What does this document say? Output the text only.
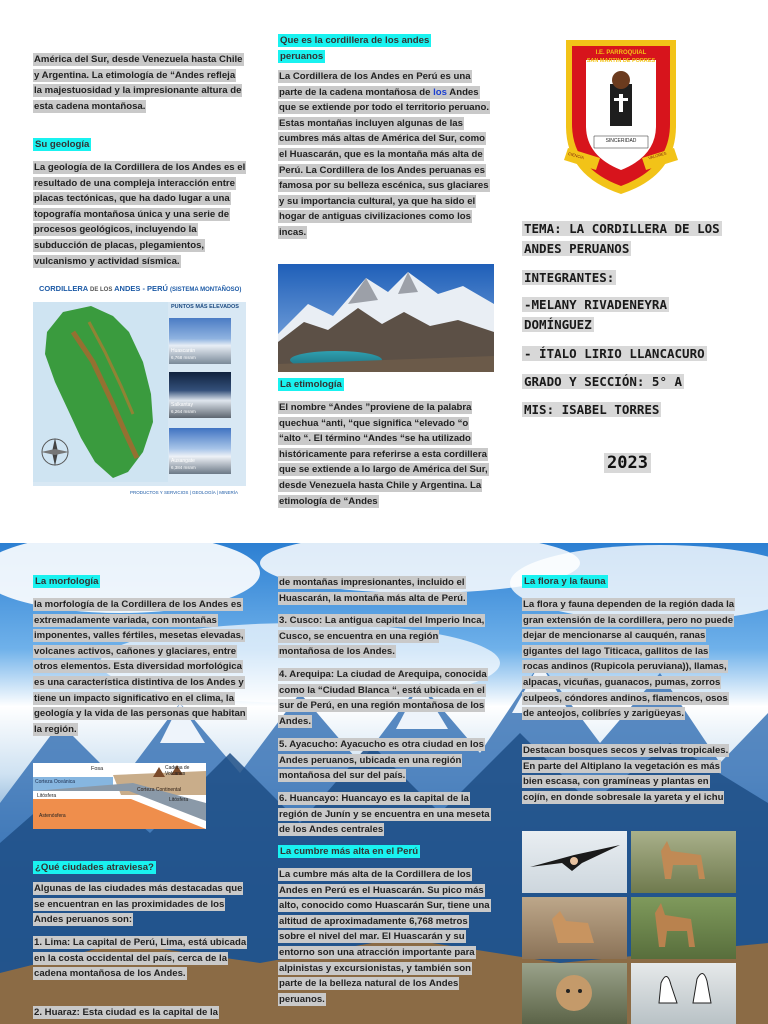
América del Sur, desde Venezuela hasta Chile y Argentina. La etimología de “Andes refleja la majestuosidad y la impresionante altura de esta cadena montañosa.
Su geología
La geología de la Cordillera de los Andes es el resultado de una compleja interacción entre placas tectónicas, que ha dado lugar a una topografía montañosa única y una serie de procesos geológicos, incluyendo la subducción de placas, plegamientos, vulcanismo y actividad sísmica.
CORDILLERA DE LOS ANDES - PERÚ (SISTEMA MONTAÑOSO)
PUNTOS MÁS ELEVADOS
Huascarán
6,768 msnm
Salkantay
6,264 msnm
Ausangate
6,384 msnm
PRODUCTOS Y SERVICIOS | GEOLOGÍA | MINERÍA
Que es la cordillera de los andes peruanos
La Cordillera de los Andes en Perú es una parte de la cadena montañosa de los Andes que se extiende por todo el territorio peruano. Estas montañas incluyen algunas de las cumbres más altas de América del Sur, como el Huascarán, que es la montaña más alta de Perú. La Cordillera de los Andes peruanas es famosa por su belleza escénica, sus glaciares y su importancia cultural, ya que ha sido el hogar de antiguas civilizaciones como los incas.
La etimología
El nombre “Andes ”proviene de la palabra quechua “anti, “que significa “elevado “o “alto “. El término “Andes “se ha utilizado históricamente para referirse a esta cordillera que se extiende a lo largo de América del Sur, desde Venezuela hasta Chile y Argentina. La etimología de “Andes
I.E. PARROQUIAL
SAN MARTIN DE PORRES
SINCERIDAD
BARRANCA
CIENCIA	VALORES
TEMA: LA CORDILLERA DE LOS
ANDES PERUANOS
INTEGRANTES:
-MELANY RIVADENEYRA
DOMÍNGUEZ
- ÍTALO LIRIO LLANCACURO
GRADO Y SECCIÓN: 5° A
MIS: ISABEL TORRES
2023
La morfología
la morfología de la Cordillera de los Andes es extremadamente variada, con montañas imponentes, valles fértiles, mesetas elevadas, volcanes activos, cañones y glaciares, entre otros elementos. Esta diversidad morfológica es una característica distintiva de los Andes y tiene un impacto significativo en el clima, la geología y la vida de las personas que habitan la región.
Fosa	Cadena de Volcanes
Corteza Oceánica
Corteza Continental
Litósfera
Litósfera
Astenósfera
¿Qué ciudades atraviesa?
Algunas de las ciudades más destacadas que se encuentran en las proximidades de los Andes peruanos son:
1. Lima: La capital de Perú, Lima, está ubicada en la costa occidental del país, cerca de la cadena montañosa de los Andes.
2. Huaraz: Esta ciudad es la capital de la
de montañas impresionantes, incluido el Huascarán, la montaña más alta de Perú.
3. Cusco: La antigua capital del Imperio Inca, Cusco, se encuentra en una región montañosa de los Andes.
4. Arequipa: La ciudad de Arequipa, conocida como la “Ciudad Blanca “, está ubicada en el sur de Perú, en una región montañosa de los Andes.
5. Ayacucho: Ayacucho es otra ciudad en los Andes peruanos, ubicada en una región montañosa del sur del país.
6. Huancayo: Huancayo es la capital de la región de Junín y se encuentra en una meseta de los Andes centrales
La cumbre más alta en el Perú
La cumbre más alta de la Cordillera de los Andes en Perú es el Huascarán. Su pico más alto, conocido como Huascarán Sur, tiene una altitud de aproximadamente 6,768 metros sobre el nivel del mar. El Huascarán y su entorno son una atracción importante para alpinistas y excursionistas, y también son parte de la belleza natural de los Andes peruanos.
La flora y la fauna
La flora y fauna dependen de la región dada la gran extensión de la cordillera, pero no puede dejar de mencionarse al cauquén, ranas gigantes del lago Titicaca, gallitos de las rocas andinos (Rupicola peruviana)), llamas, alpacas, vicuñas, guanacos, pumas, zorros culpeos, cóndores andinos, flamencos, osos de anteojos, colibríes y zarigüeyas.
Destacan bosques secos y selvas tropicales. En parte del Altiplano la vegetación es más bien escasa, con gramíneas y plantas en cojín, en donde sobresale la yareta y el ichu
